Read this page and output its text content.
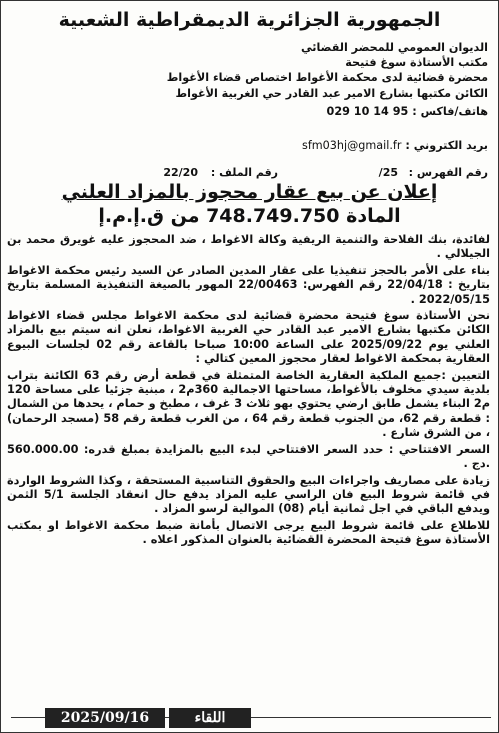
الجمهورية الجزائرية الديمقراطية الشعبية
الديوان العمومي للمحضر القضائي
مكتب الأستاذة سوغ فتيحة
محضرة قضائية لدى محكمة الأغواط اختصاص قضاء الأغواط
الكائن مكتبها بشارع الامير عبد القادر حي الغربية الأغواط
هاتف/فاكس : 029 10 14 95
بريد الكتروني : sfm03hj@gmail.fr
رقم الفهرس :
/25
رقم الملف :
22/20
إعلان عن بيع عقار محجوز بالمزاد العلني
المادة 748.749.750 من ق.إ.م.إ

لفائدة، بنك الفلاحة والتنمية الريفية وكالة الاغواط ، ضد المحجوز عليه غويرق محمد بن الجيلالي .

بناء على الأمر بالحجز تنفيذيا على عقار المدين الصادر عن السيد رئيس محكمة الاغواط بتاريخ : 22/04/18 رقم الفهرس: 22/00463 المهور بالصيغة التنفيذية المسلمة بتاريخ 2022/05/15 .

نحن الأستاذة سوغ فتيحة محضرة قضائية لدى محكمة الاغواط مجلس قضاء الاغواط الكائن مكتبها بشارع الامير عبد القادر حي الغربية الاغواط، نعلن انه سيتم بيع بالمزاد العلني يوم 2025/09/22 على الساعة 10:00 صباحا بالقاعة رقم 02 لجلسات البيوع العقارية بمحكمة الاغواط لعقار محجوز المعين كتالي :

التعيين :جميع الملكية العقارية الخاصة المتمثلة في قطعة أرض رقم 63 الكائنة بتراب بلدية سيدي مخلوف بالأغواط، مساحتها الاجمالية 360م2 ، مبنية جزئيا على مساحة 120 م2 البناء يشمل طابق ارضي يحتوي بهو ثلاث 3 غرف ، مطبخ و حمام ، يحدها من الشمال : قطعة رقم 62، من الجنوب قطعة رقم 64 ، من الغرب قطعة رقم 58 (مسجد الرحمان) ، من الشرق شارع .

السعر الافتتاحي : حدد السعر الافتتاحي لبدء البيع بالمزايدة بمبلغ قدره: 560.000.00 .دج .

زيادة على مصاريف واجراءات البيع والحقوق التناسبية المستحقة ، وكذا الشروط الواردة في قائمة شروط البيع فان الراسي عليه المزاد يدفع حال انعقاد الجلسة 5/1 الثمن ويدفع الباقي في اجل ثمانية أيام (08) الموالية لرسو المزاد .

للاطلاع على قائمة شروط البيع يرجى الاتصال بأمانة ضبط محكمة الاغواط او بمكتب الأستاذة سوغ فتيحة المحضرة القضائية بالعنوان المذكور اعلاه .

2025/09/16	اللقاء
